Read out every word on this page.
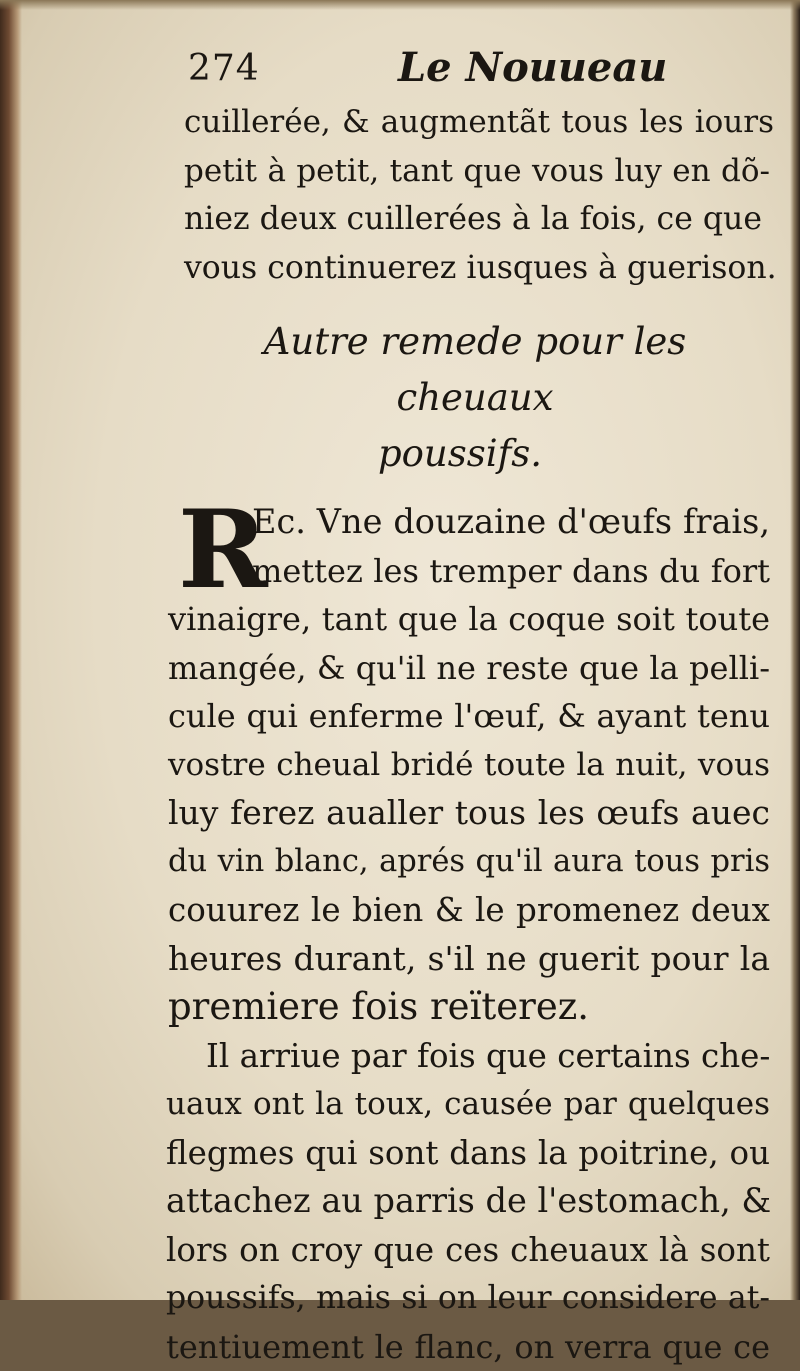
274	Le Nouueau
cuillerée, & augmentãt tous les iours
petit à petit, tant que vous luy en dõ-
niez deux cuillerées à la fois, ce que
vous continuerez iusques à guerison.
Autre remede pour les cheuaux
poussifs.
R
Ec. Vne douzaine d'œufs frais,
mettez les tremper dans du fort
vinaigre, tant que la coque soit toute
mangée, & qu'il ne reste que la pelli-
cule qui enferme l'œuf, & ayant tenu
vostre cheual bridé toute la nuit, vous
luy ferez aualler tous les œufs auec
du vin blanc, aprés qu'il aura tous pris
couurez le bien & le promenez deux
heures durant, s'il ne guerit pour la
premiere fois reïterez.
Il arriue par fois que certains che-
uaux ont la toux, causée par quelques
flegmes qui sont dans la poitrine, ou
attachez au parris de l'estomach, &
lors on croy que ces cheuaux là sont
poussifs, mais si on leur considere at-
tentiuement le flanc, on verra que ce
